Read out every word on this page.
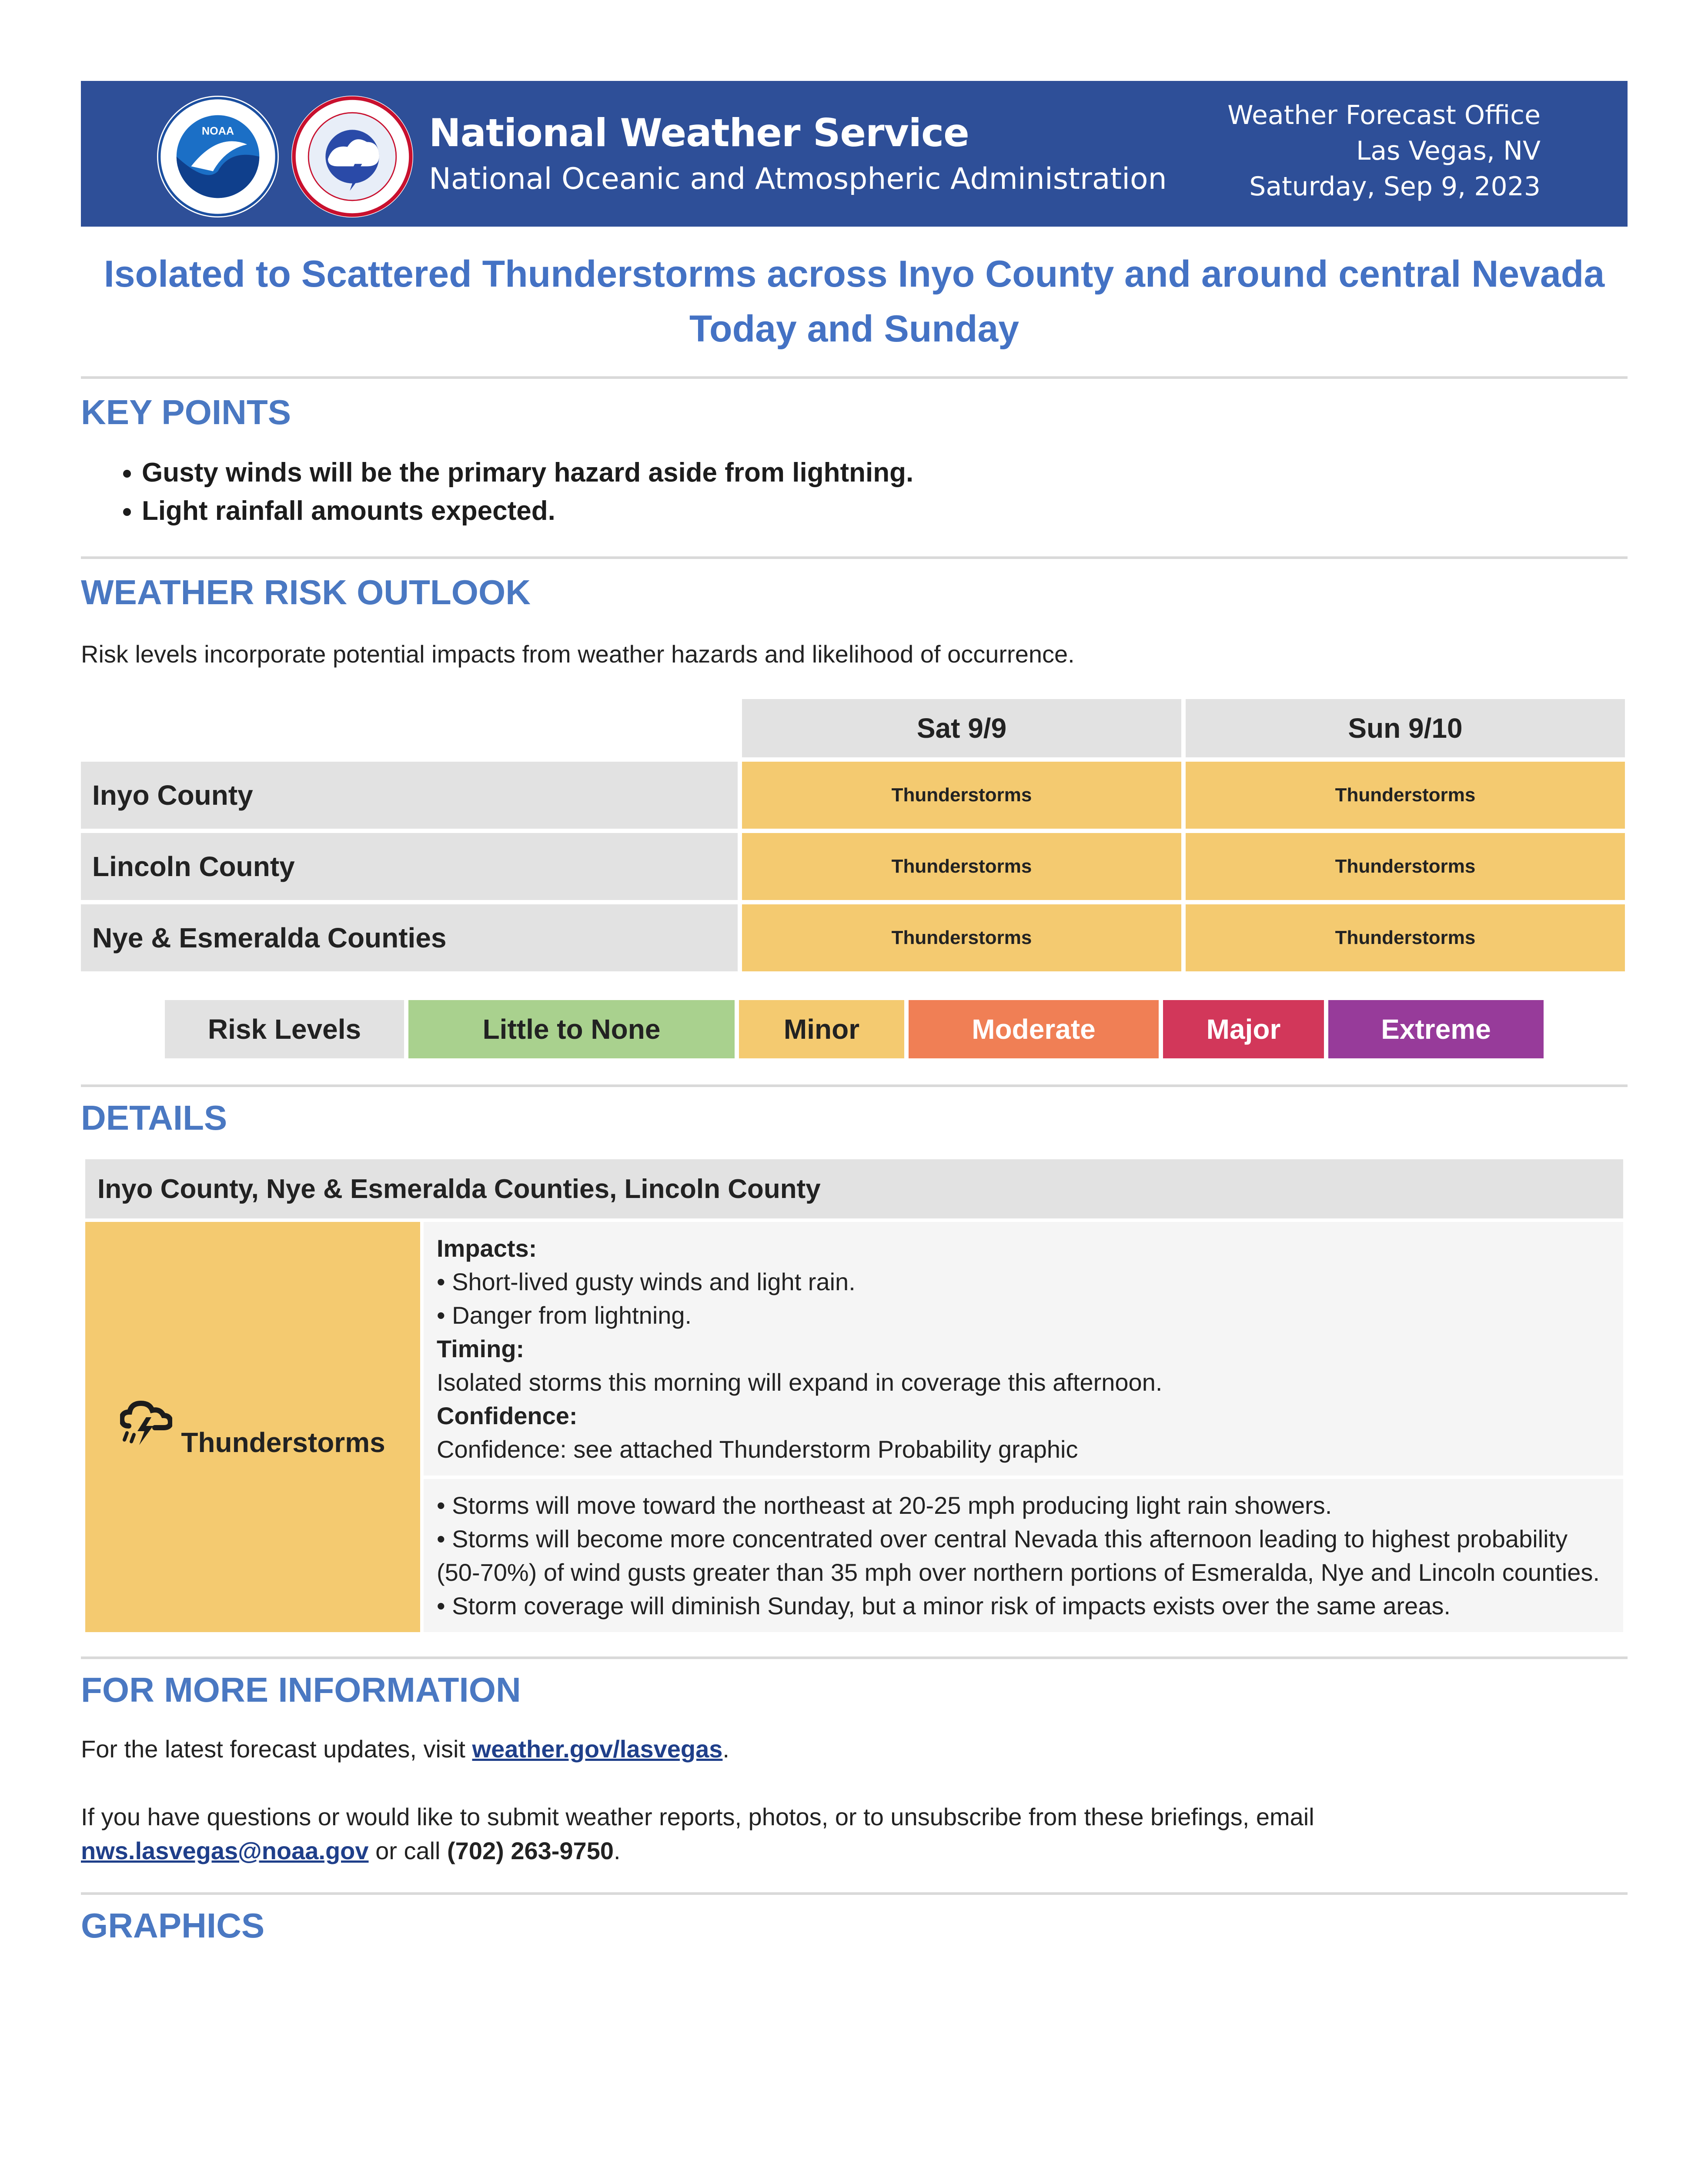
NOAA	National Weather Service
National Oceanic and Atmospheric Administration
Weather Forecast Office
Las Vegas, NV
Saturday, Sep 9, 2023
Isolated to Scattered Thunderstorms across Inyo County and around central Nevada
Today and Sunday
KEY POINTS
• Gusty winds will be the primary hazard aside from lightning.
• Light rainfall amounts expected.
WEATHER RISK OUTLOOK

Risk levels incorporate potential impacts from weather hazards and likelihood of occurrence.

	Sat 9/9	Sun 9/10
Inyo County	Thunderstorms	Thunderstorms
Lincoln County	Thunderstorms	Thunderstorms
Nye & Esmeralda Counties	Thunderstorms	Thunderstorms
Risk Levels	Little to None	Minor	Moderate	Major	Extreme
DETAILS
Inyo County, Nye & Esmeralda Counties, Lincoln County
Thunderstorms
Impacts:
• Short-lived gusty winds and light rain.
• Danger from lightning.
Timing:
Isolated storms this morning will expand in coverage this afternoon.
Confidence:
Confidence: see attached Thunderstorm Probability graphic
• Storms will move toward the northeast at 20-25 mph producing light rain showers.
• Storms will become more concentrated over central Nevada this afternoon leading to highest probability (50-70%) of wind gusts greater than 35 mph over northern portions of Esmeralda, Nye and Lincoln counties.
• Storm coverage will diminish Sunday, but a minor risk of impacts exists over the same areas.
FOR MORE INFORMATION

For the latest forecast updates, visit weather.gov/lasvegas.

If you have questions or would like to submit weather reports, photos, or to unsubscribe from these briefings, email
nws.lasvegas@noaa.gov or call (702) 263-9750.

GRAPHICS
